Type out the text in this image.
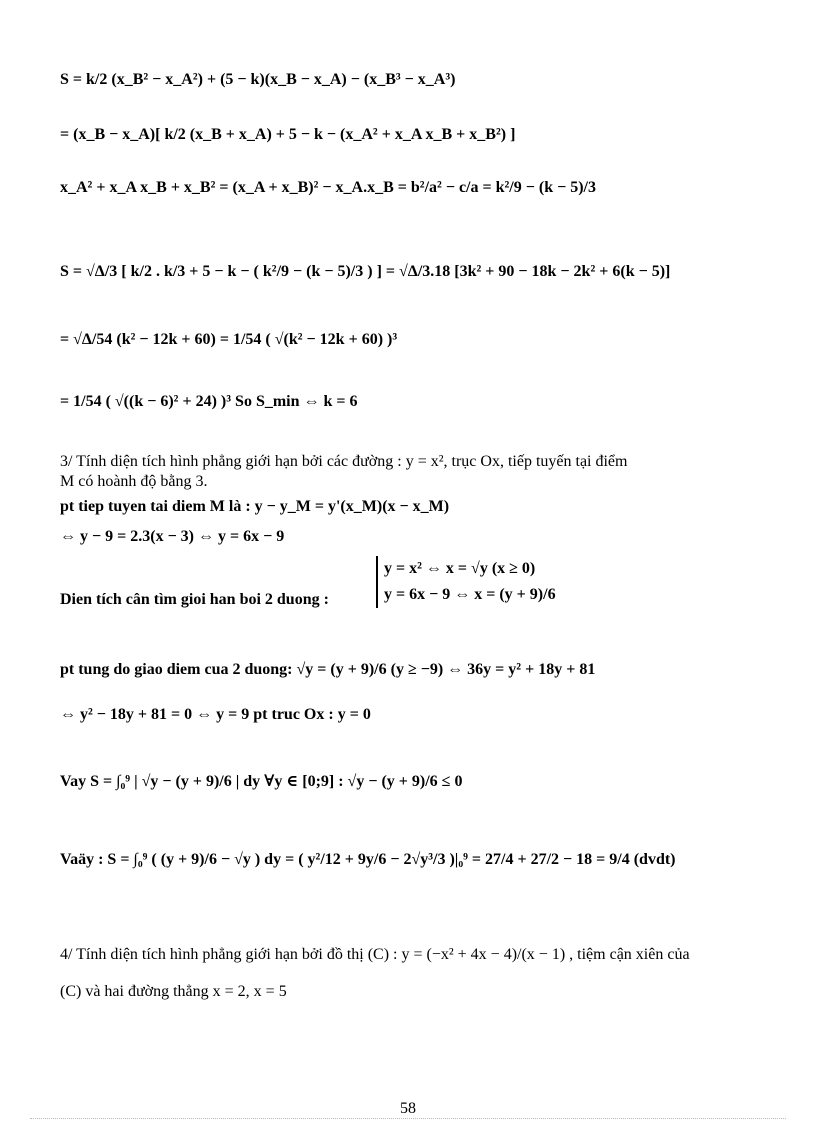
S = k/2 (x_B² − x_A²) + (5 − k)(x_B − x_A) − (x_B³ − x_A³)
= (x_B − x_A)[ k/2 (x_B + x_A) + 5 − k − (x_A² + x_A x_B + x_B²) ]
x_A² + x_A x_B + x_B² = (x_A + x_B)² − x_A.x_B = b²/a² − c/a = k²/9 − (k − 5)/3
S = √Δ/3 [ k/2 . k/3 + 5 − k − ( k²/9 − (k − 5)/3 ) ] = √Δ/3.18 [3k² + 90 − 18k − 2k² + 6(k − 5)]
= √Δ/54 (k² − 12k + 60) = 1/54 ( √(k² − 12k + 60) )³
= 1/54 ( √((k − 6)² + 24) )³ So S_min ⇔ k = 6
3/ Tính diện tích hình phẳng giới hạn bởi các đường : y = x², trục Ox, tiếp tuyến tại điểm
M có hoành độ bằng 3.
pt tiep tuyen tai diem M là : y − y_M = y'(x_M)(x − x_M)
⇔ y − 9 = 2.3(x − 3) ⇔ y = 6x − 9
Dien tích cân tìm gioi han boi 2 duong :
y = x² ⇔ x = √y (x ≥ 0)
y = 6x − 9 ⇔ x = (y + 9)/6
pt tung do giao diem cua 2 duong: √y = (y + 9)/6 (y ≥ −9) ⇔ 36y = y² + 18y + 81
⇔ y² − 18y + 81 = 0 ⇔ y = 9 pt truc Ox : y = 0
Vay S = ∫₀⁹ | √y − (y + 9)/6 | dy ∀y ∈ [0;9] : √y − (y + 9)/6 ≤ 0
Vaäy : S = ∫₀⁹ ( (y + 9)/6 − √y ) dy = ( y²/12 + 9y/6 − 2√y³/3 )|₀⁹ = 27/4 + 27/2 − 18 = 9/4 (dvdt)
4/ Tính diện tích hình phẳng giới hạn bởi đồ thị (C) : y = (−x² + 4x − 4)/(x − 1) , tiệm cận xiên của
(C) và hai đường thẳng x = 2, x = 5
58
